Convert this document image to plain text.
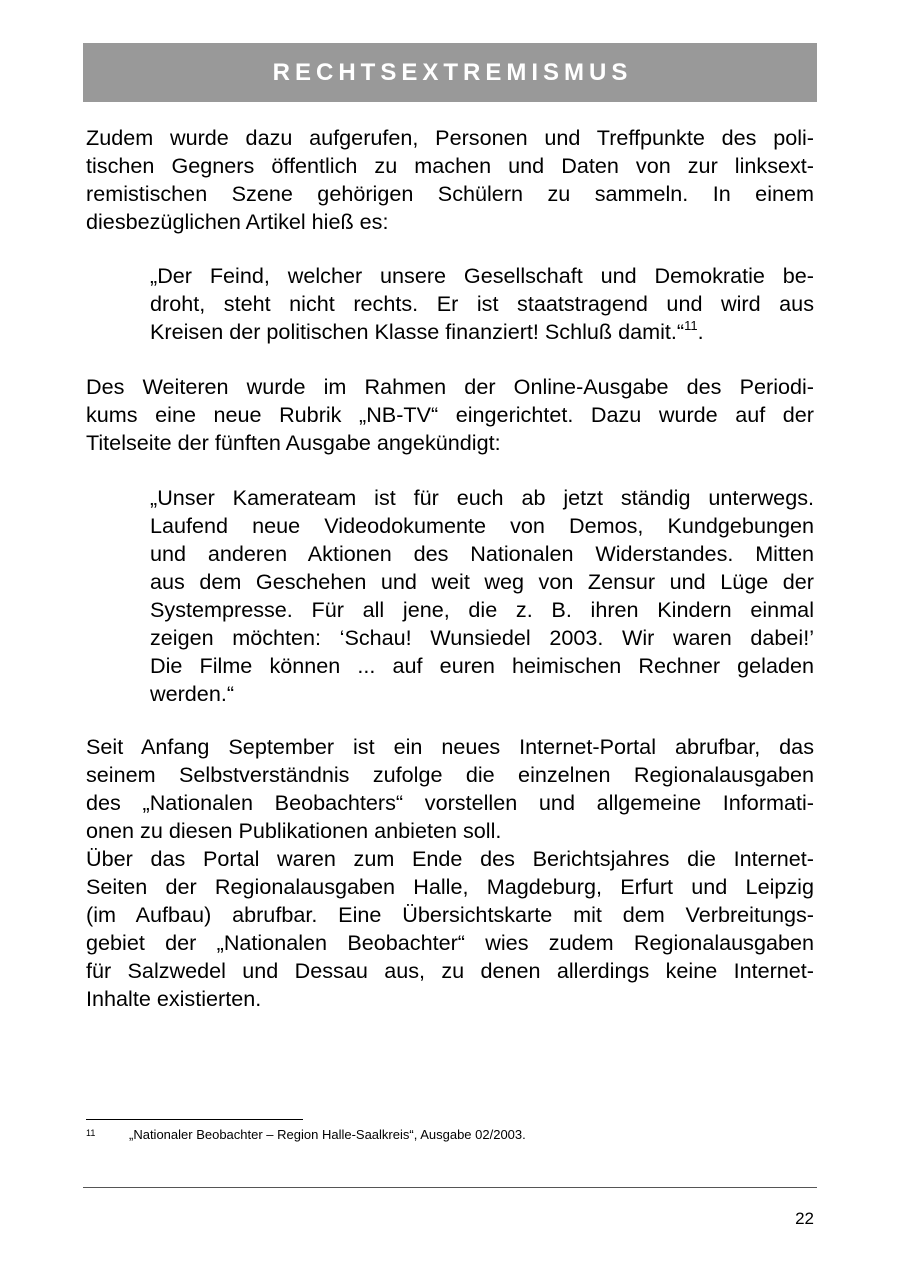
RECHTSEXTREMISMUS

Zudem wurde dazu aufgerufen, Personen und Treffpunkte des poli-
tischen Gegners öffentlich zu machen und Daten von zur linksext-
remistischen Szene gehörigen Schülern zu sammeln. In einem
diesbezüglichen Artikel hieß es:

„Der Feind, welcher unsere Gesellschaft und Demokratie be-
droht, steht nicht rechts. Er ist staatstragend und wird aus
Kreisen der politischen Klasse finanziert! Schluß damit.“$^{11}$.

Des Weiteren wurde im Rahmen der Online-Ausgabe des Periodi-
kums eine neue Rubrik „NB-TV“ eingerichtet. Dazu wurde auf der
Titelseite der fünften Ausgabe angekündigt:

„Unser Kamerateam ist für euch ab jetzt ständig unterwegs.
Laufend neue Videodokumente von Demos, Kundgebungen
und anderen Aktionen des Nationalen Widerstandes. Mitten
aus dem Geschehen und weit weg von Zensur und Lüge der
Systempresse. Für all jene, die z. B. ihren Kindern einmal
zeigen möchten: ‘Schau! Wunsiedel 2003. Wir waren dabei!’
Die Filme können ... auf euren heimischen Rechner geladen
werden.“

Seit Anfang September ist ein neues Internet-Portal abrufbar, das
seinem Selbstverständnis zufolge die einzelnen Regionalausgaben
des „Nationalen Beobachters“ vorstellen und allgemeine Informati-
onen zu diesen Publikationen anbieten soll.
Über das Portal waren zum Ende des Berichtsjahres die Internet-
Seiten der Regionalausgaben Halle, Magdeburg, Erfurt und Leipzig
(im Aufbau) abrufbar. Eine Übersichtskarte mit dem Verbreitungs-
gebiet der „Nationalen Beobachter“ wies zudem Regionalausgaben
für Salzwedel und Dessau aus, zu denen allerdings keine Internet-
Inhalte existierten.

11	„Nationaler Beobachter – Region Halle-Saalkreis“, Ausgabe 02/2003.
22
